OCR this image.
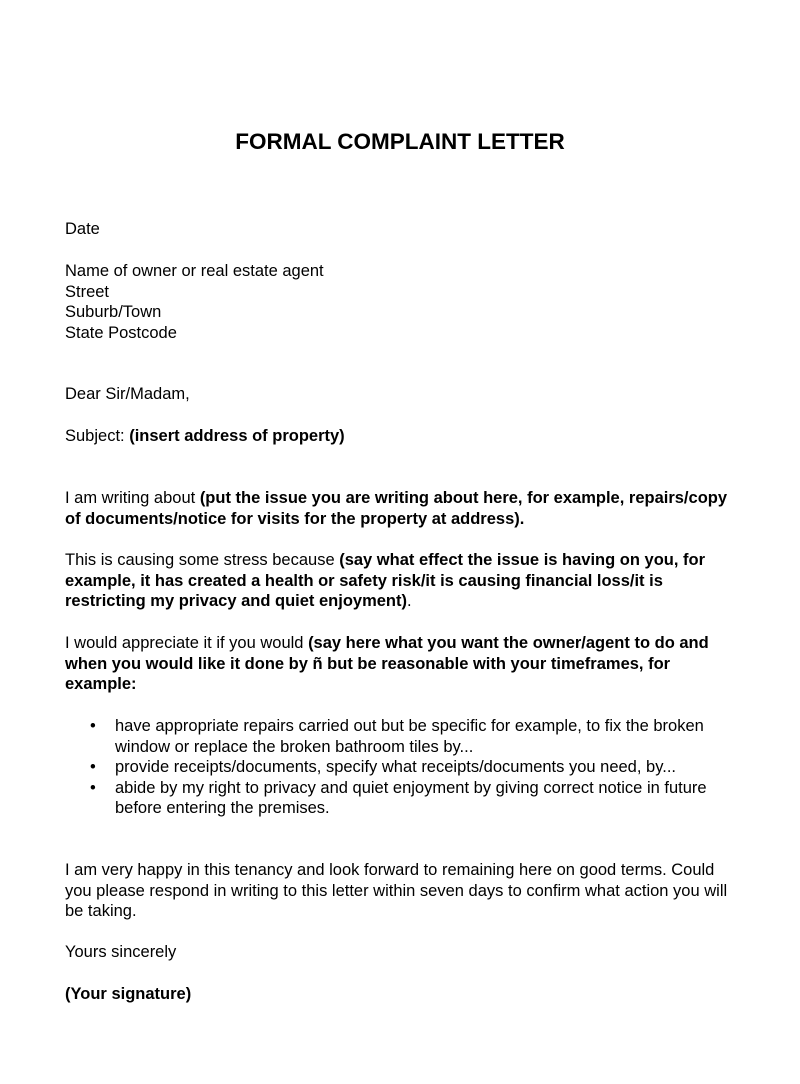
FORMAL COMPLAINT LETTER

Date

Name of owner or real estate agent
Street
Suburb/Town
State Postcode

Dear Sir/Madam,

Subject: (insert address of property)

I am writing about (put the issue you are writing about here, for example, repairs/copy of documents/notice for visits for the property at address).

This is causing some stress because (say what effect the issue is having on you, for example, it has created a health or safety risk/it is causing financial loss/it is restricting my privacy and quiet enjoyment).

I would appreciate it if you would (say here what you want the owner/agent to do and when you would like it done by ñ but be reasonable with your timeframes, for example:

• have appropriate repairs carried out but be specific for example, to fix the broken window or replace the broken bathroom tiles by...
• provide receipts/documents, specify what receipts/documents you need, by...
• abide by my right to privacy and quiet enjoyment by giving correct notice in future before entering the premises.

I am very happy in this tenancy and look forward to remaining here on good terms. Could you please respond in writing to this letter within seven days to confirm what action you will be taking.

Yours sincerely

(Your signature)
